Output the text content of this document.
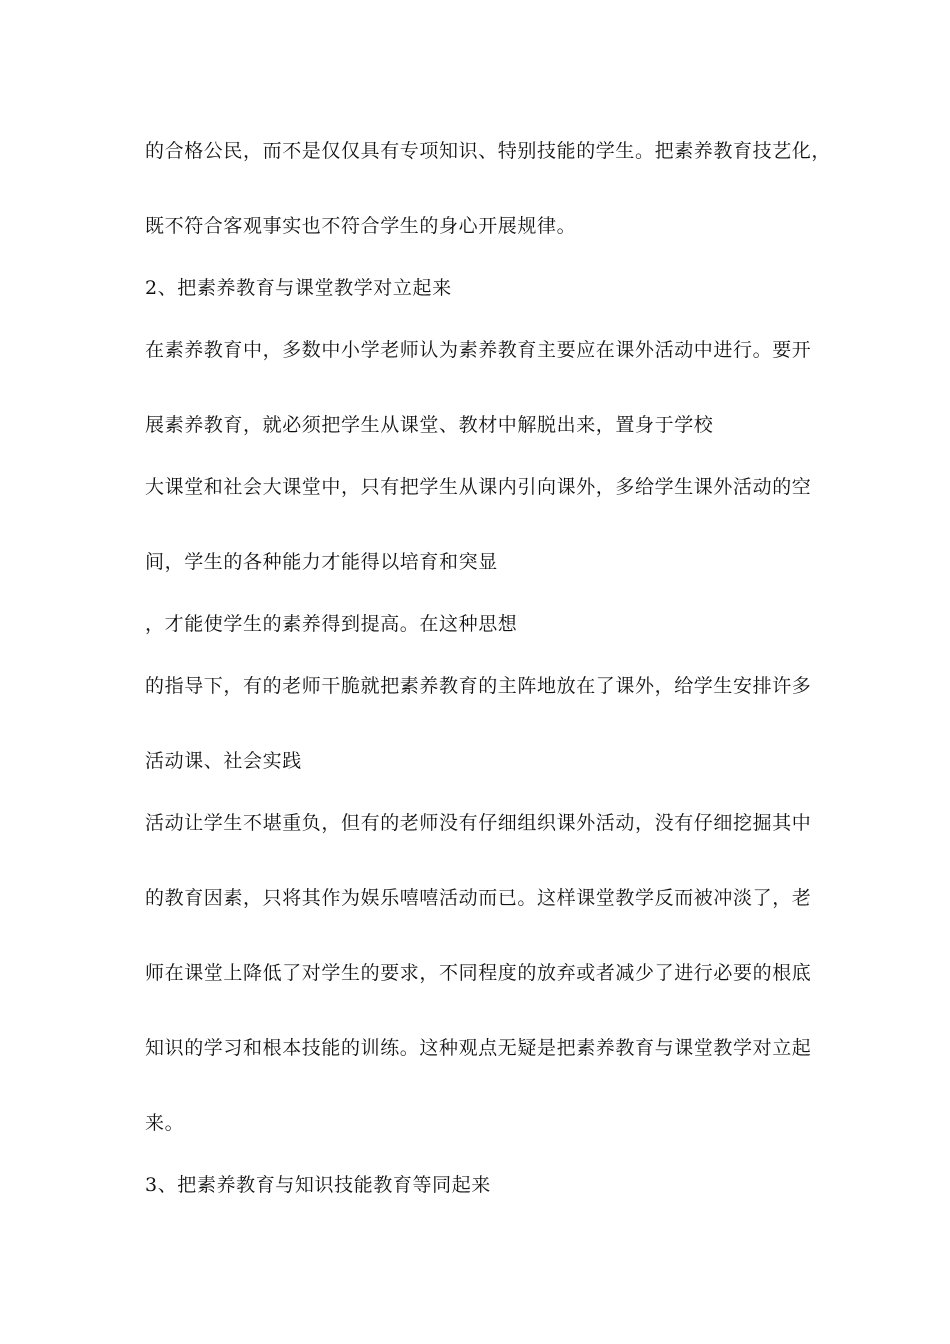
的合格公民，而不是仅仅具有专项知识、特别技能的学生。把素养教育技艺化，
既不符合客观事实也不符合学生的身心开展规律。
2、把素养教育与课堂教学对立起来
在素养教育中，多数中小学老师认为素养教育主要应在课外活动中进行。要开
展素养教育，就必须把学生从课堂、教材中解脱出来，置身于学校
大课堂和社会大课堂中，只有把学生从课内引向课外，多给学生课外活动的空
间，学生的各种能力才能得以培育和突显
，才能使学生的素养得到提高。在这种思想
的指导下，有的老师干脆就把素养教育的主阵地放在了课外，给学生安排许多
活动课、社会实践
活动让学生不堪重负，但有的老师没有仔细组织课外活动，没有仔细挖掘其中
的教育因素，只将其作为娱乐嘻嘻活动而已。这样课堂教学反而被冲淡了，老
师在课堂上降低了对学生的要求，不同程度的放弃或者减少了进行必要的根底
知识的学习和根本技能的训练。这种观点无疑是把素养教育与课堂教学对立起
来。
3、把素养教育与知识技能教育等同起来
